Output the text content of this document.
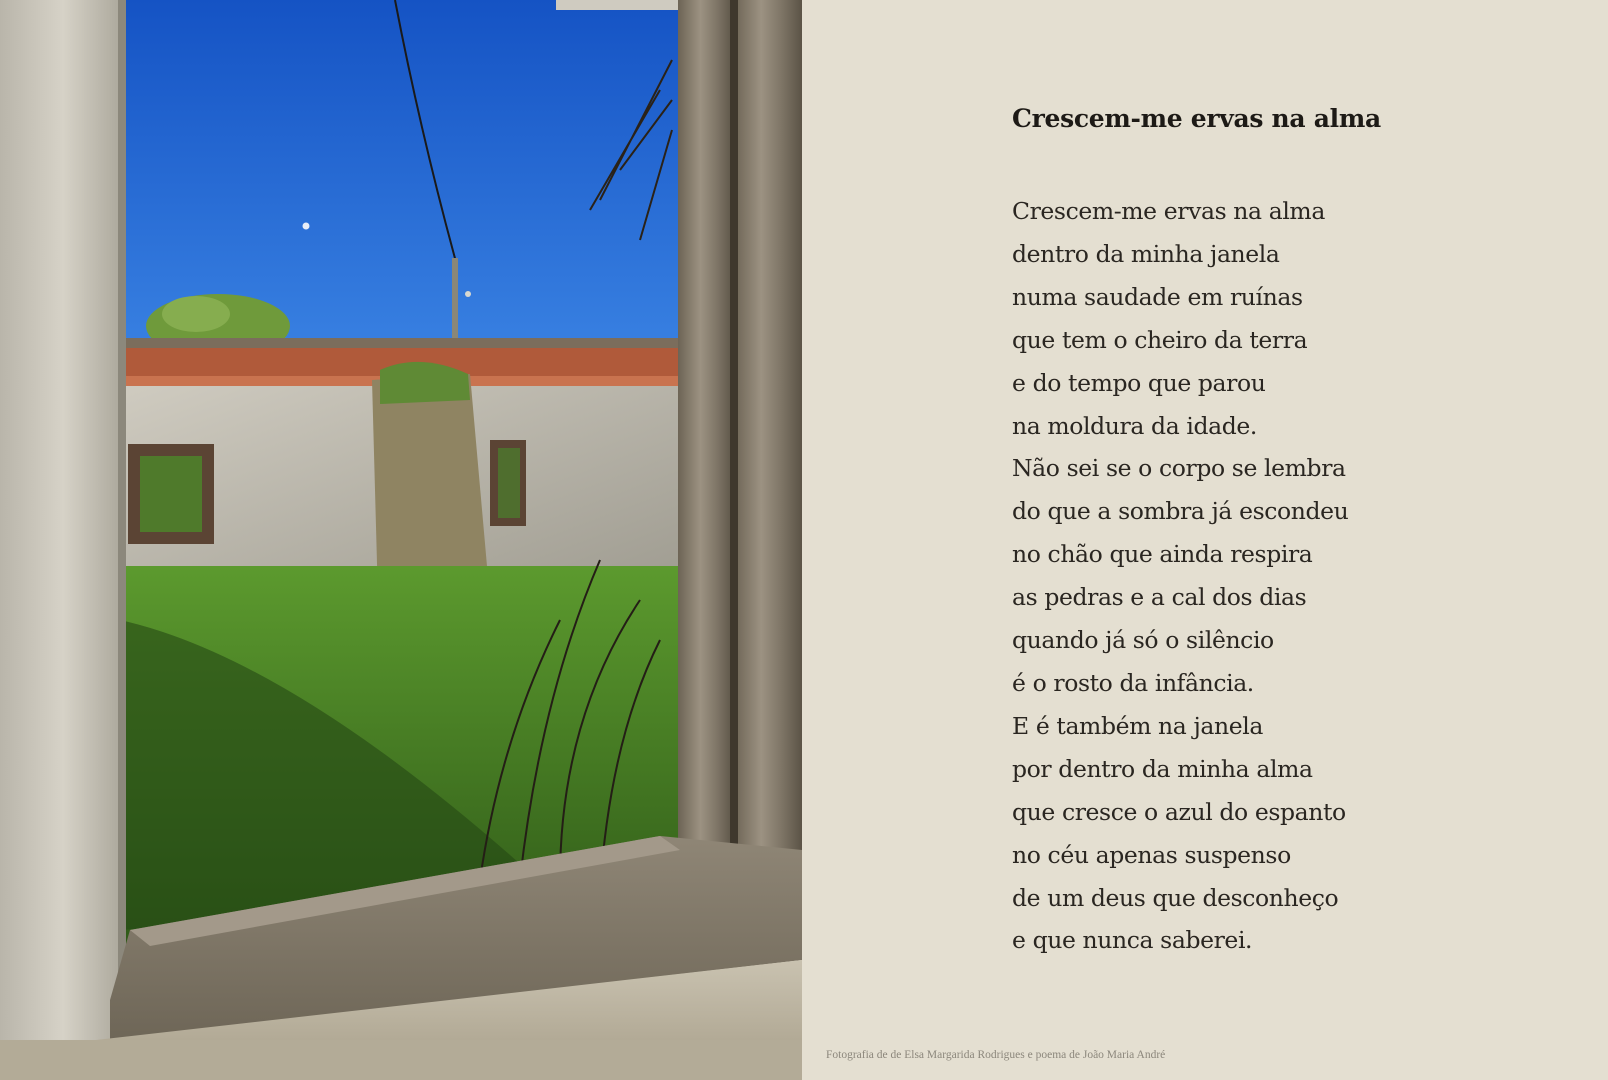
Crescem-me ervas na alma
Crescem-me ervas na alma
dentro da minha janela
numa saudade em ruínas
que tem o cheiro da terra
e do tempo que parou
na moldura da idade.
Não sei se o corpo se lembra
do que a sombra já escondeu
no chão que ainda respira
as pedras e a cal dos dias
quando já só o silêncio
é o rosto da infância.
E é também na janela
por dentro da minha alma
que cresce o azul do espanto
no céu apenas suspenso
de um deus que desconheço
e que nunca saberei.
Fotografia de de Elsa Margarida Rodrigues e poema de João Maria André
